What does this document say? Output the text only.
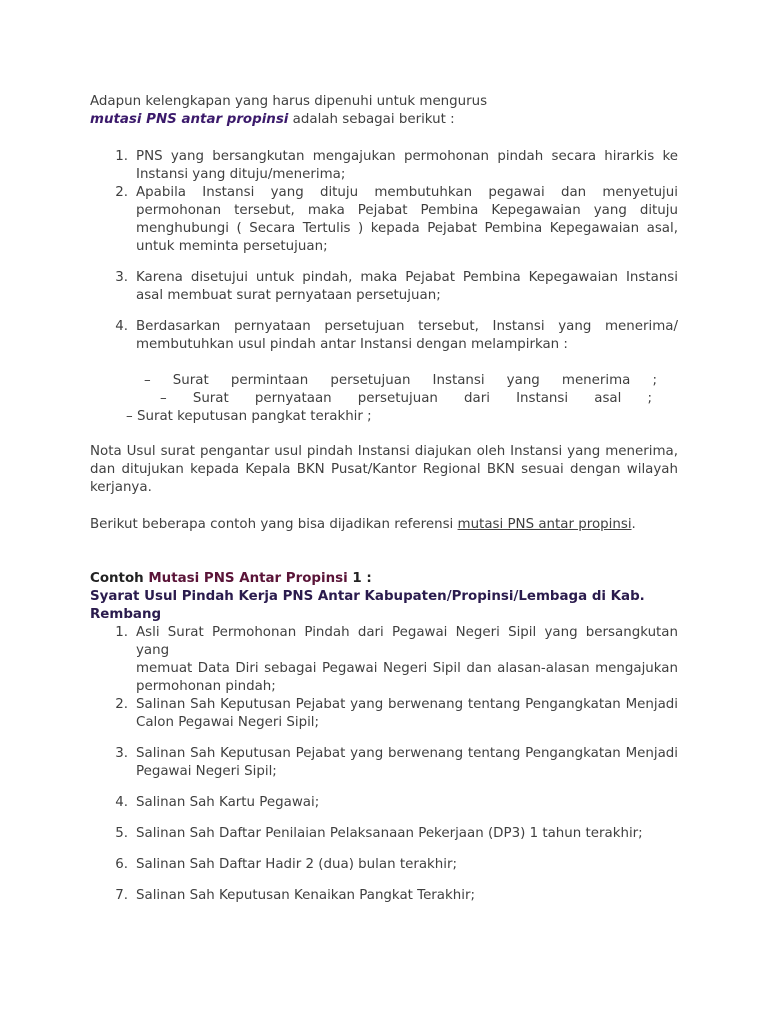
Adapun kelengkapan yang harus dipenuhi untuk mengurus
mutasi PNS antar propinsi adalah sebagai berikut :
1. PNS yang bersangkutan mengajukan permohonan pindah secara hirarkis ke
Instansi yang dituju/menerima;
2. Apabila Instansi yang dituju membutuhkan pegawai dan menyetujui
permohonan tersebut, maka Pejabat Pembina Kepegawaian yang dituju
menghubungi ( Secara Tertulis ) kepada Pejabat Pembina Kepegawaian asal,
untuk meminta persetujuan;
3. Karena disetujui untuk pindah, maka Pejabat Pembina Kepegawaian Instansi
asal membuat surat pernyataan persetujuan;
4. Berdasarkan pernyataan persetujuan tersebut, Instansi yang menerima/
membutuhkan usul pindah antar Instansi dengan melampirkan :
–   Surat   permintaan   persetujuan   Instansi   yang   menerima   ;
–   Surat   pernyataan   persetujuan   dari   Instansi   asal   ;
– Surat keputusan pangkat terakhir ;
Nota Usul surat pengantar usul pindah Instansi diajukan oleh Instansi yang menerima,
dan ditujukan kepada Kepala BKN Pusat/Kantor Regional BKN sesuai dengan wilayah
kerjanya.
Berikut beberapa contoh yang bisa dijadikan referensi mutasi PNS antar propinsi.
Contoh Mutasi PNS Antar Propinsi 1 :
Syarat Usul Pindah Kerja PNS Antar Kabupaten/Propinsi/Lembaga di Kab. Rembang
1. Asli Surat Permohonan Pindah dari Pegawai Negeri Sipil yang bersangkutan yang
memuat Data Diri sebagai Pegawai Negeri Sipil dan alasan-alasan mengajukan
permohonan pindah;
2. Salinan Sah Keputusan Pejabat yang berwenang tentang Pengangkatan Menjadi
Calon Pegawai Negeri Sipil;
3. Salinan Sah Keputusan Pejabat yang berwenang tentang Pengangkatan Menjadi
Pegawai Negeri Sipil;
4. Salinan Sah Kartu Pegawai;
5. Salinan Sah Daftar Penilaian Pelaksanaan Pekerjaan (DP3) 1 tahun terakhir;
6. Salinan Sah Daftar Hadir 2 (dua) bulan terakhir;
7. Salinan Sah Keputusan Kenaikan Pangkat Terakhir;
